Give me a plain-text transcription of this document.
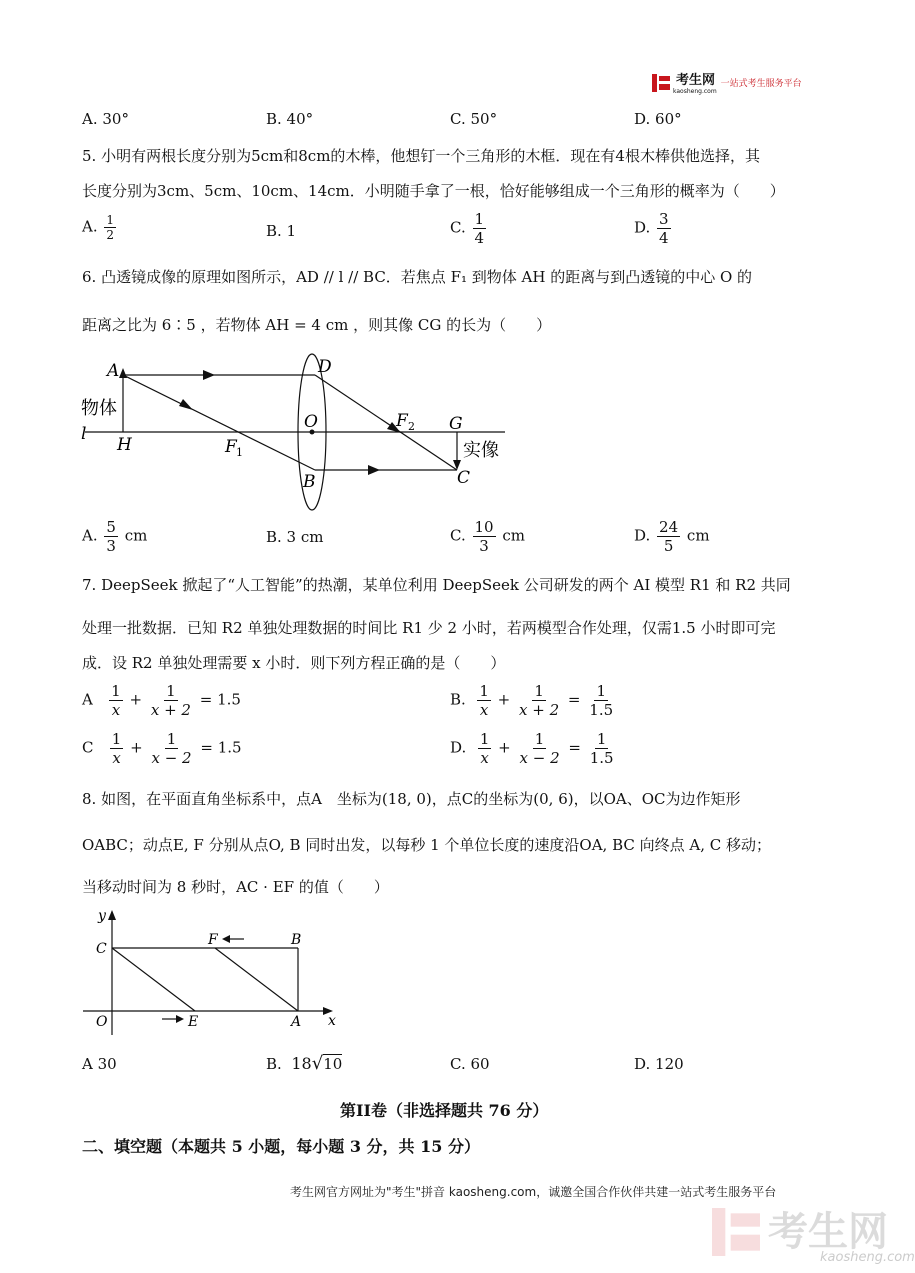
考生网
kaosheng.com
一站式考生服务平台
A. 30°	B. 40°	C. 50°	D. 60°
5. 小明有两根长度分别为5cm和8cm的木棒，他想钉一个三角形的木框．现在有4根木棒供他选择，其
长度分别为3cm、5cm、10cm、14cm．小明随手拿了一根，恰好能够组成一个三角形的概率为（　　）
A. $\frac{1}{2}$	B. 1	C. $\frac{1}{4}$	D. $\frac{3}{4}$
6. 凸透镜成像的原理如图所示，AD // l // BC．若焦点 F₁ 到物体 AH 的距离与到凸透镜的中心 O 的
距离之比为 6∶5 ，若物体 AH = 4 cm ，则其像 CG 的长为（　　）
A	D
O	F 2 G
l
H	F 1
B	C
物体
实像
A. $\frac{5}{3}$ cm	B. 3 cm	C. $\frac{10}{3}$ cm	D. $\frac{24}{5}$ cm
7. DeepSeek 掀起了“人工智能”的热潮，某单位利用 DeepSeek 公司研发的两个 AI 模型 R1 和 R2 共同
处理一批数据．已知 R2 单独处理数据的时间比 R1 少 2 小时，若两模型合作处理，仅需1.5 小时即可完
成．设 R2 单独处理需要 x 小时．则下列方程正确的是（　　）
A $\frac{1}{x} + \frac{1}{x + 2} = 1.5$	B. $\frac{1}{x} + \frac{1}{x + 2} = \frac{1}{1.5}$
C $\frac{1}{x} + \frac{1}{x - 2} = 1.5$	D. $\frac{1}{x} + \frac{1}{x - 2} = \frac{1}{1.5}$
8. 如图，在平面直角坐标系中，点A　坐标为(18, 0)，点C的坐标为(0, 6)，以OA、OC为边作矩形
OABC；动点E, F 分别从点O, B 同时出发，以每秒 1 个单位长度的速度沿OA, BC 向终点 A, C 移动；
当移动时间为 8 秒时，AC · EF 的值（　　）
y
C
F	B
O	E	A x
A 30	B. 18√10	C. 60	D. 120
第II卷（非选择题共 76 分）
二、填空题（本题共 5 小题，每小题 3 分，共 15 分）
考生网官方网址为"考生"拼音 kaosheng.com，诚邀全国合作伙伴共建一站式考生服务平台
考生网
kaosheng.com
